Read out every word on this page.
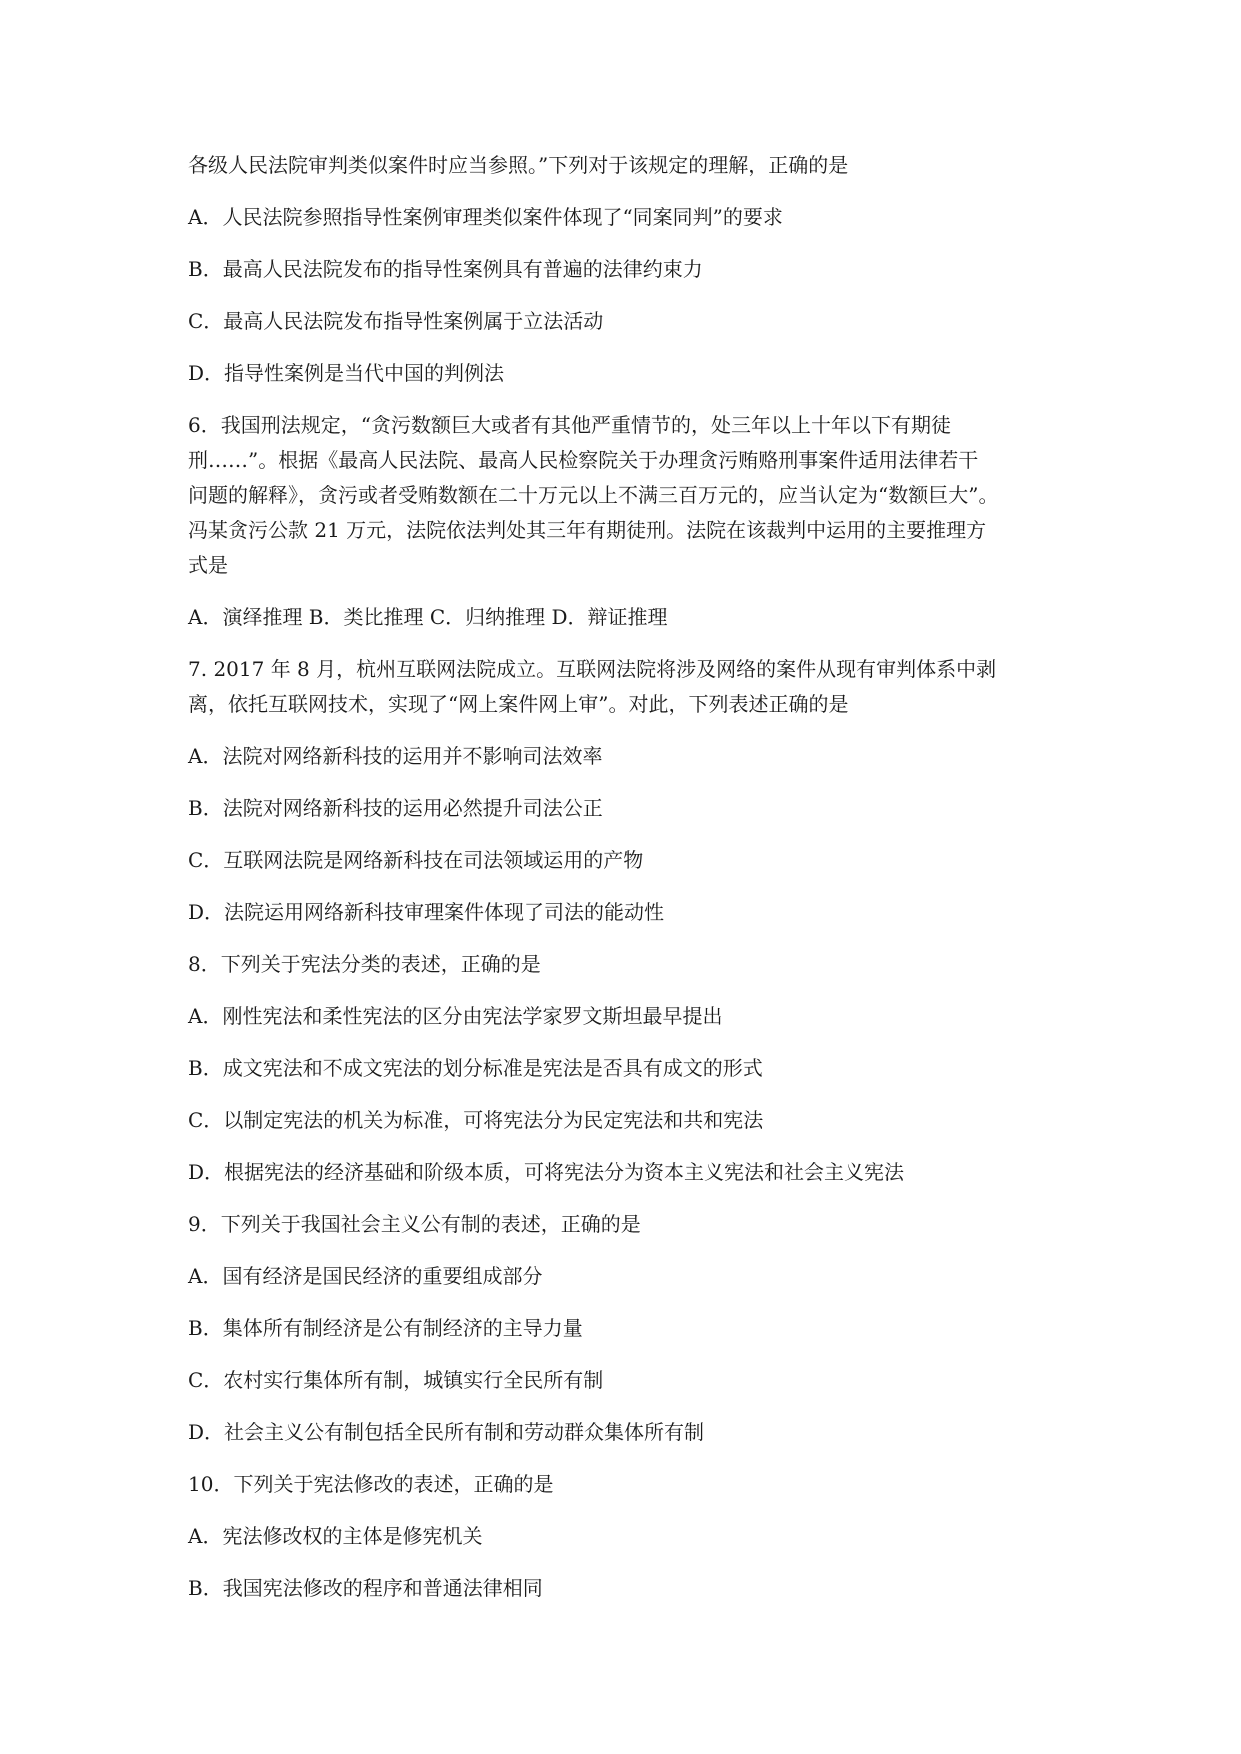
各级人民法院审判类似案件时应当参照。”下列对于该规定的理解，正确的是

A．人民法院参照指导性案例审理类似案件体现了“同案同判”的要求

B．最高人民法院发布的指导性案例具有普遍的法律约束力

C．最高人民法院发布指导性案例属于立法活动

D．指导性案例是当代中国的判例法

6．我国刑法规定，“贪污数额巨大或者有其他严重情节的，处三年以上十年以下有期徒

刑……”。根据《最高人民法院、最高人民检察院关于办理贪污贿赂刑事案件适用法律若干

问题的解释》，贪污或者受贿数额在二十万元以上不满三百万元的，应当认定为“数额巨大”。

冯某贪污公款 21 万元，法院依法判处其三年有期徒刑。法院在该裁判中运用的主要推理方

式是

A．演绎推理 B．类比推理 C．归纳推理 D．辩证推理

7. 2017 年 8 月，杭州互联网法院成立。互联网法院将涉及网络的案件从现有审判体系中剥

离，依托互联网技术，实现了“网上案件网上审”。对此，下列表述正确的是

A．法院对网络新科技的运用并不影响司法效率

B．法院对网络新科技的运用必然提升司法公正

C．互联网法院是网络新科技在司法领域运用的产物

D．法院运用网络新科技审理案件体现了司法的能动性

8．下列关于宪法分类的表述，正确的是

A．刚性宪法和柔性宪法的区分由宪法学家罗文斯坦最早提出

B．成文宪法和不成文宪法的划分标准是宪法是否具有成文的形式

C．以制定宪法的机关为标准，可将宪法分为民定宪法和共和宪法

D．根据宪法的经济基础和阶级本质，可将宪法分为资本主义宪法和社会主义宪法

9．下列关于我国社会主义公有制的表述，正确的是

A．国有经济是国民经济的重要组成部分

B．集体所有制经济是公有制经济的主导力量

C．农村实行集体所有制，城镇实行全民所有制

D．社会主义公有制包括全民所有制和劳动群众集体所有制

10．下列关于宪法修改的表述，正确的是

A．宪法修改权的主体是修宪机关

B．我国宪法修改的程序和普通法律相同
